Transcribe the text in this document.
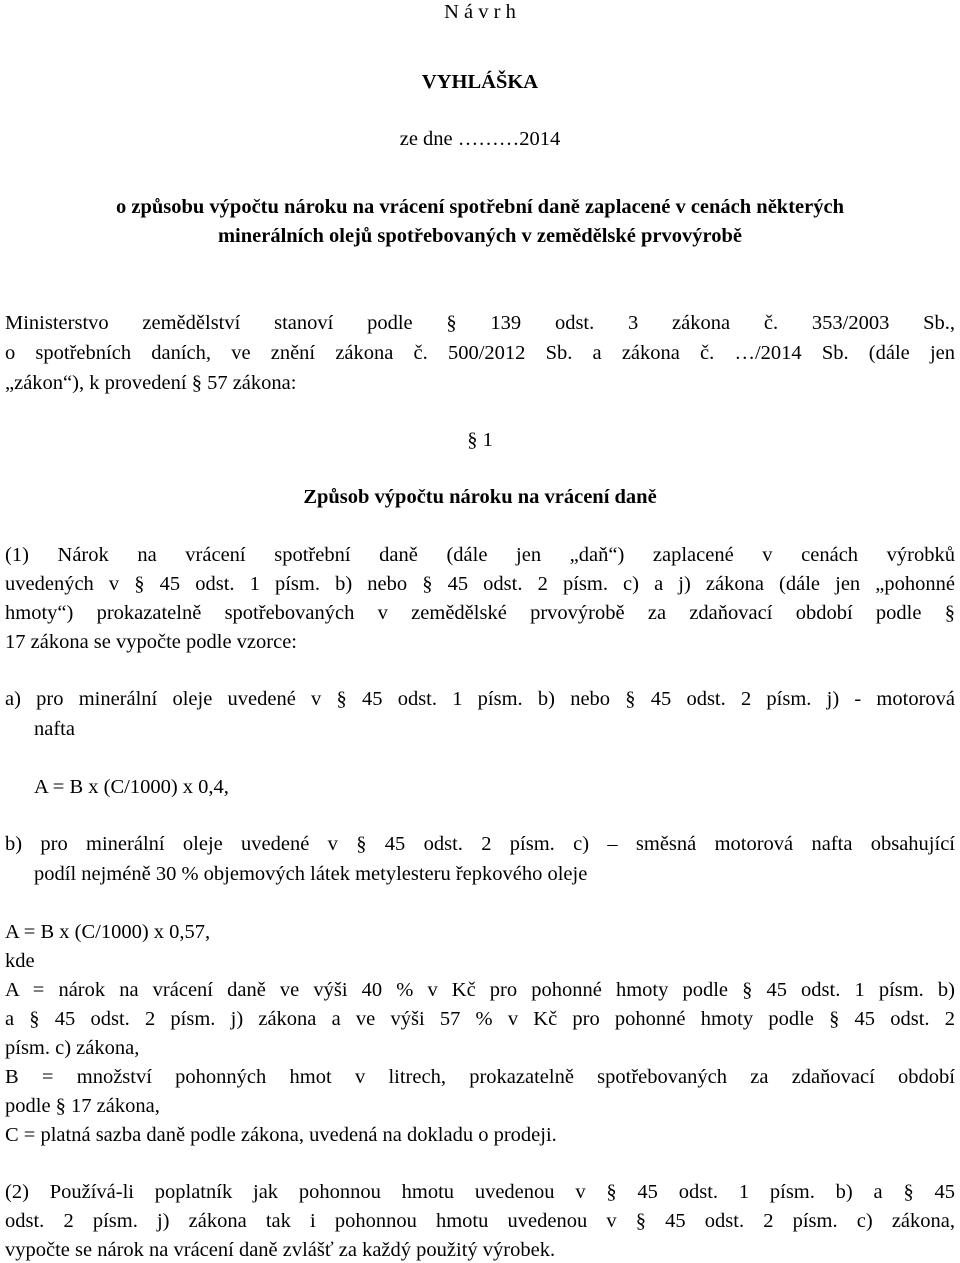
N á v r h
VYHLÁŠKA
ze dne ………2014
o způsobu výpočtu nároku na vrácení spotřební daně zaplacené v cenách některých
minerálních olejů spotřebovaných v zemědělské prvovýrobě
Ministerstvo zemědělství stanoví podle § 139 odst. 3 zákona č. 353/2003 Sb.,
o spotřebních daních, ve znění zákona č. 500/2012 Sb. a zákona č. …/2014 Sb. (dále jen
„zákon“), k provedení § 57 zákona:
§ 1
Způsob výpočtu nároku na vrácení daně
(1) Nárok na vrácení spotřební daně (dále jen „daň“) zaplacené v cenách výrobků
uvedených v § 45 odst. 1 písm. b) nebo § 45 odst. 2 písm. c) a j) zákona (dále jen „pohonné
hmoty“) prokazatelně spotřebovaných v zemědělské prvovýrobě za zdaňovací období podle §
17 zákona se vypočte podle vzorce:
a) pro minerální oleje uvedené v § 45 odst. 1 písm. b) nebo § 45 odst. 2 písm. j) - motorová
nafta
A = B x (C/1000) x 0,4,
b) pro minerální oleje uvedené v § 45 odst. 2 písm. c) – směsná motorová nafta obsahující
podíl nejméně 30 % objemových látek metylesteru řepkového oleje
A = B x (C/1000) x 0,57,
kde
A = nárok na vrácení daně ve výši 40 % v Kč pro pohonné hmoty podle § 45 odst. 1 písm. b)
a § 45 odst. 2 písm. j) zákona a ve výši 57 % v Kč pro pohonné hmoty podle § 45 odst. 2
písm. c) zákona,
B = množství pohonných hmot v litrech, prokazatelně spotřebovaných za zdaňovací období
podle § 17 zákona,
C = platná sazba daně podle zákona, uvedená na dokladu o prodeji.
(2) Používá-li poplatník jak pohonnou hmotu uvedenou v § 45 odst. 1 písm. b) a § 45
odst. 2 písm. j) zákona tak i pohonnou hmotu uvedenou v § 45 odst. 2 písm. c) zákona,
vypočte se nárok na vrácení daně zvlášť za každý použitý výrobek.
